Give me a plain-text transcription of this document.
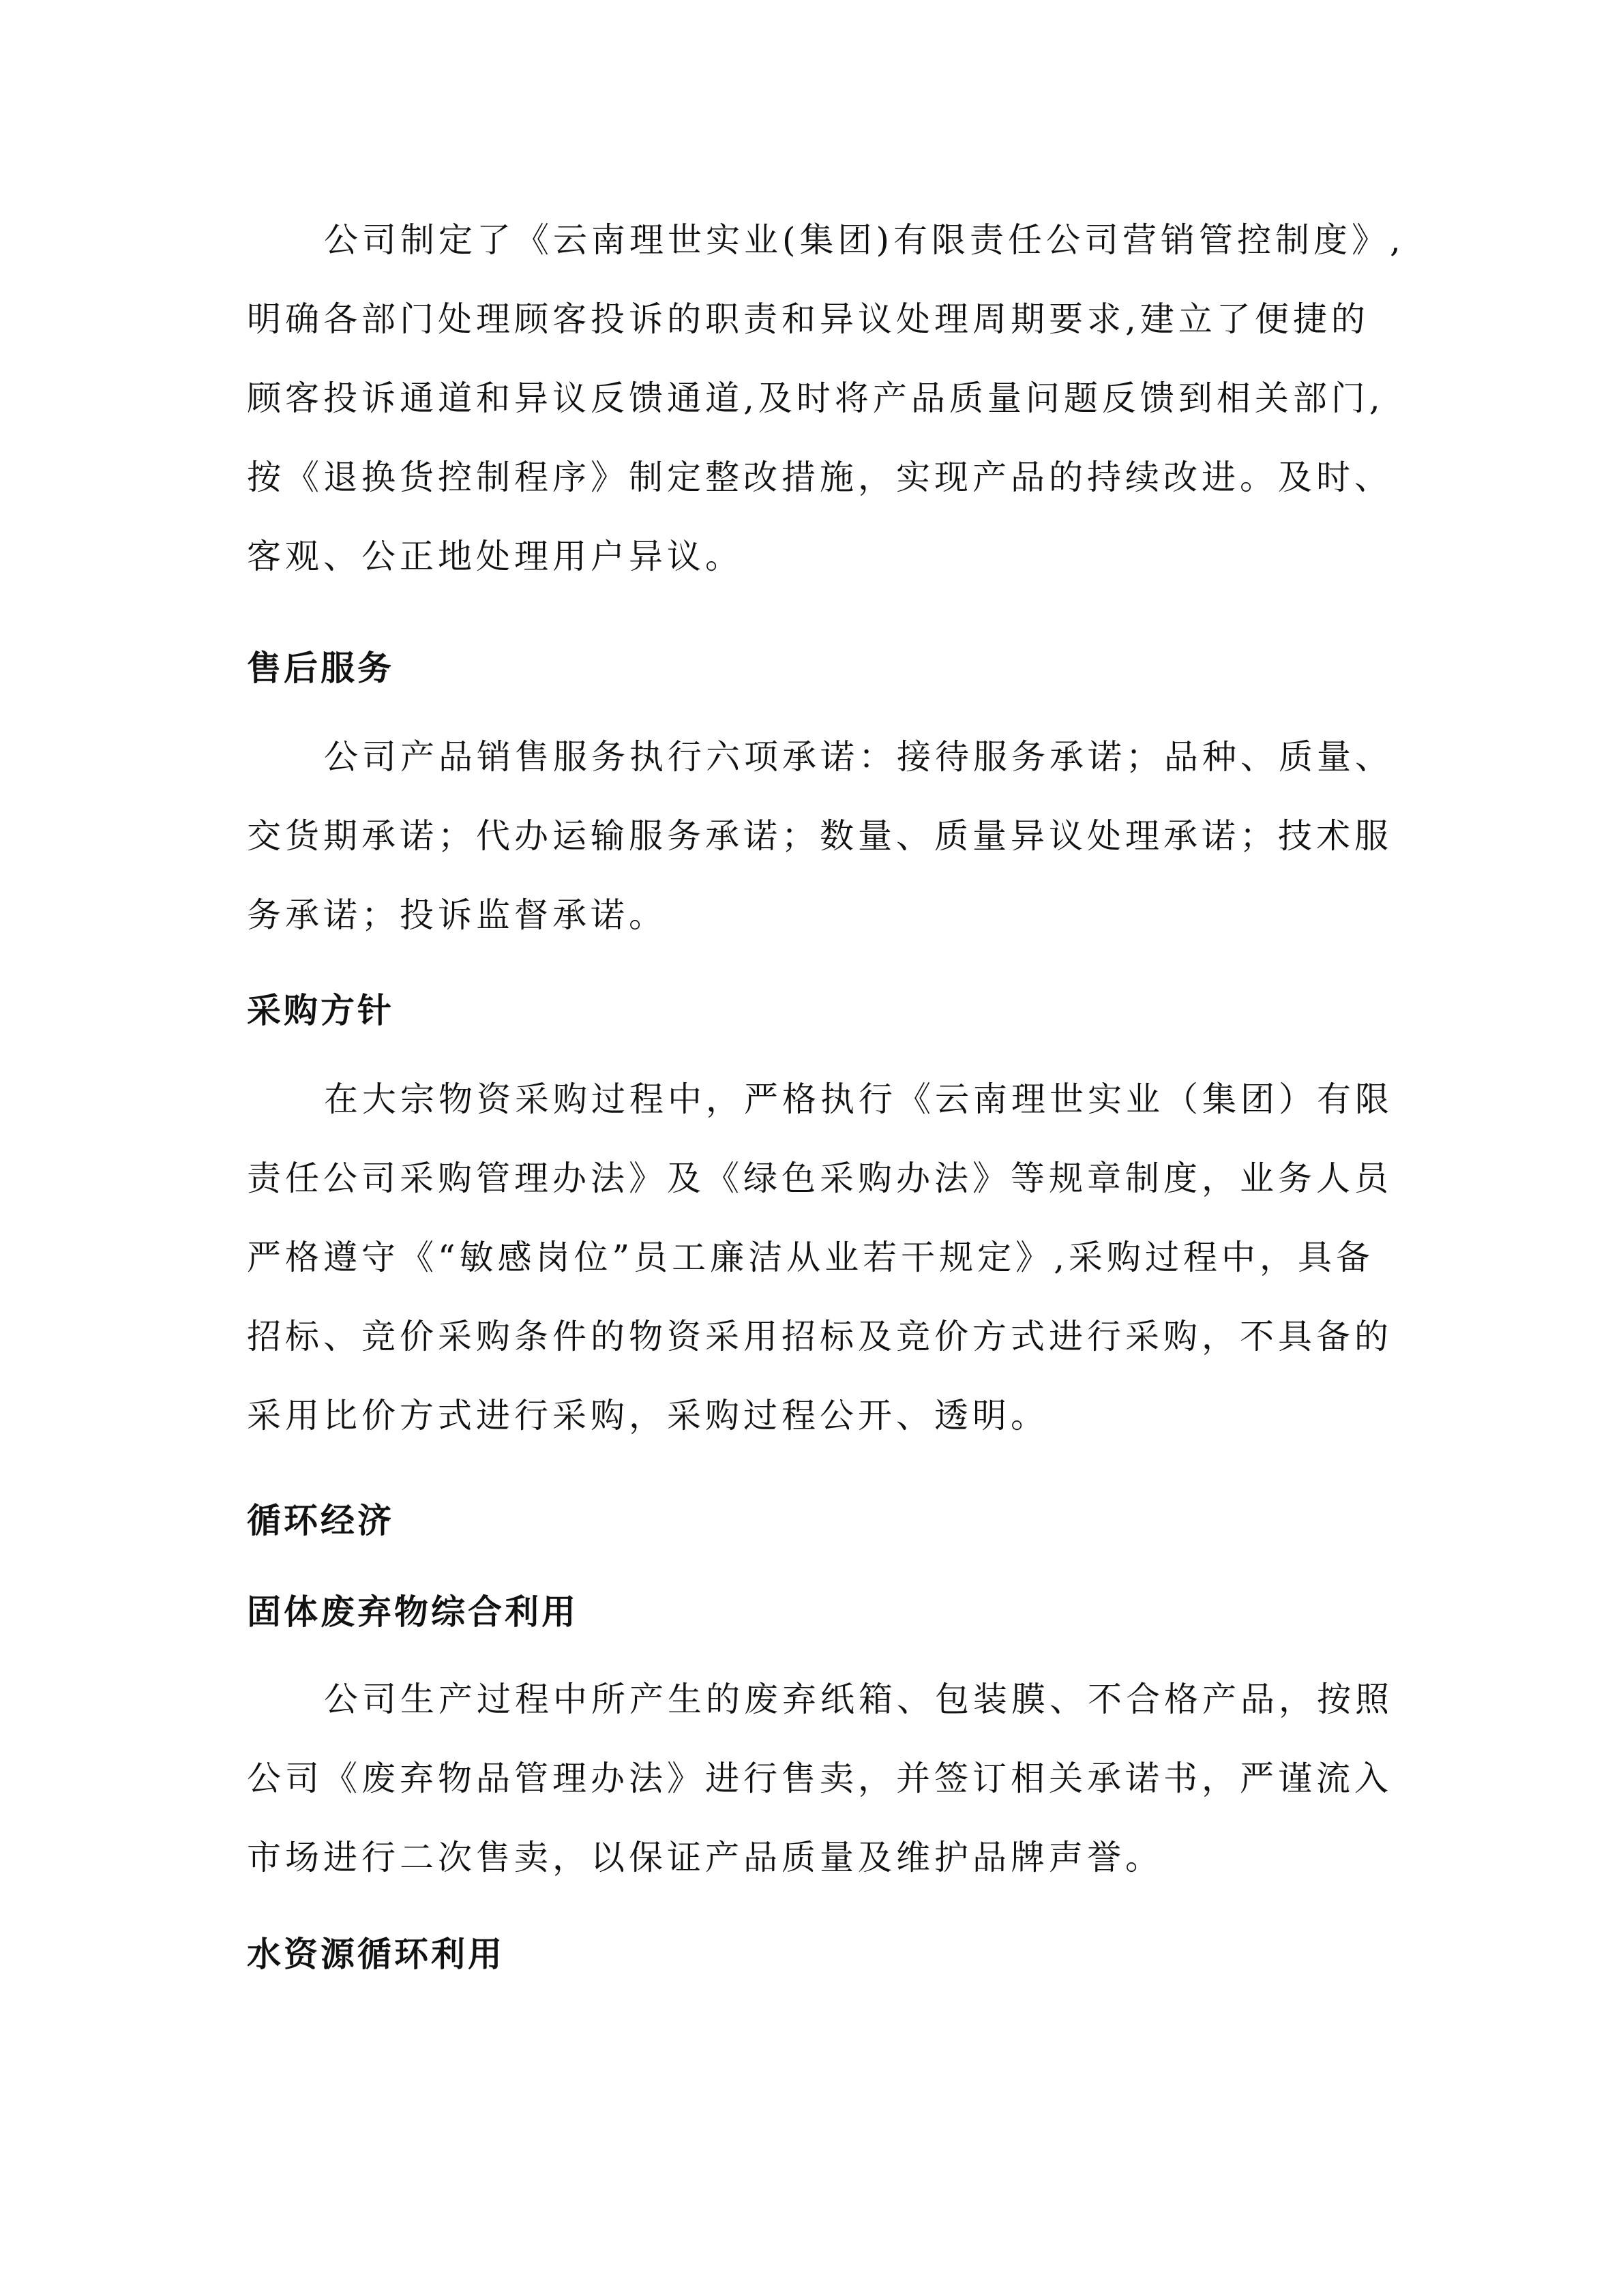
公司制定了《云南理世实业(集团)有限责任公司营销管控制度》,
明确各部门处理顾客投诉的职责和异议处理周期要求,建立了便捷的
顾客投诉通道和异议反馈通道,及时将产品质量问题反馈到相关部门,
按《退换货控制程序》制定整改措施，实现产品的持续改进。及时、
客观、公正地处理用户异议。
售后服务
公司产品销售服务执行六项承诺：接待服务承诺；品种、质量、
交货期承诺；代办运输服务承诺；数量、质量异议处理承诺；技术服
务承诺；投诉监督承诺。
采购方针
在大宗物资采购过程中，严格执行《云南理世实业（集团）有限
责任公司采购管理办法》及《绿色采购办法》等规章制度，业务人员
严格遵守《“敏感岗位”员工廉洁从业若干规定》,采购过程中，具备
招标、竞价采购条件的物资采用招标及竞价方式进行采购，不具备的
采用比价方式进行采购，采购过程公开、透明。
循环经济
固体废弃物综合利用
公司生产过程中所产生的废弃纸箱、包装膜、不合格产品，按照
公司《废弃物品管理办法》进行售卖，并签订相关承诺书，严谨流入
市场进行二次售卖，以保证产品质量及维护品牌声誉。
水资源循环利用
